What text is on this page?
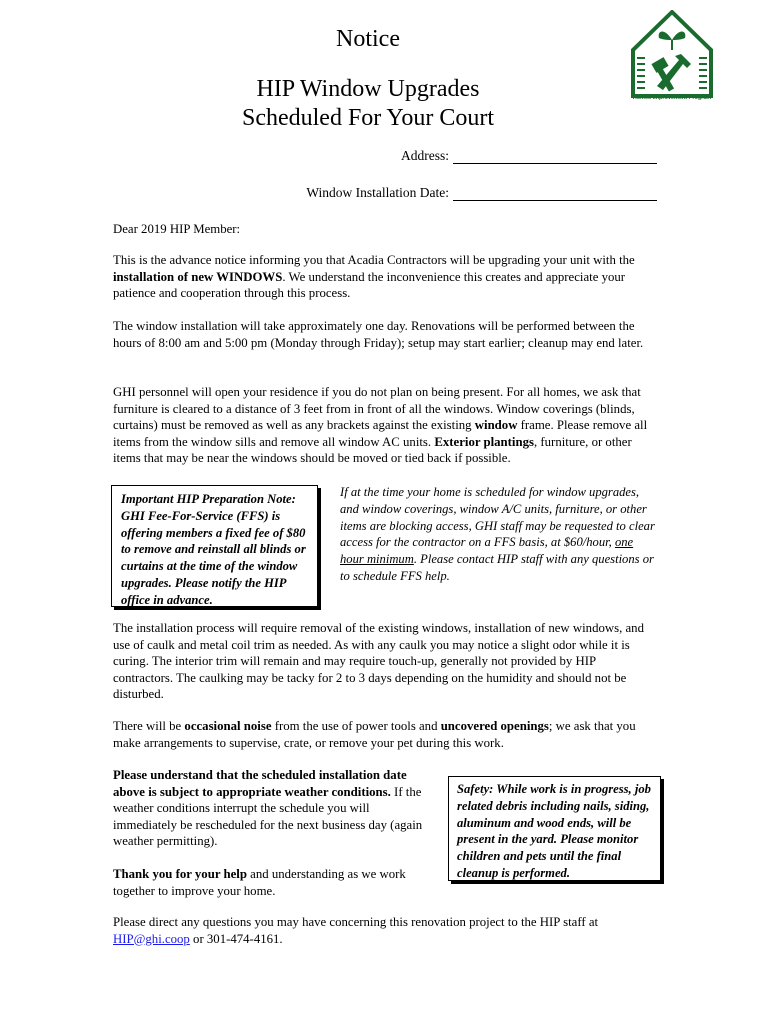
Notice
HIP Window Upgrades
Scheduled For Your Court
Homes Improvement Program
Address:
Window Installation Date:
Dear 2019 HIP Member:
This is the advance notice informing you that Acadia Contractors will be upgrading your unit with the installation of new WINDOWS. We understand the inconvenience this creates and appreciate your patience and cooperation through this process.
The window installation will take approximately one day. Renovations will be performed between the hours of 8:00 am and 5:00 pm (Monday through Friday); setup may start earlier; cleanup may end later.
GHI personnel will open your residence if you do not plan on being present. For all homes, we ask that furniture is cleared to a distance of 3 feet from in front of all the windows. Window coverings (blinds, curtains) must be removed as well as any brackets against the existing window frame. Please remove all items from the window sills and remove all window AC units. Exterior plantings, furniture, or other items that may be near the windows should be moved or tied back if possible.
Important HIP Preparation Note: GHI Fee-For-Service (FFS) is offering members a fixed fee of $80 to remove and reinstall all blinds or curtains at the time of the window upgrades. Please notify the HIP office in advance.
If at the time your home is scheduled for window upgrades, and window coverings, window A/C units, furniture, or other items are blocking access, GHI staff may be requested to clear access for the contractor on a FFS basis, at $60/hour, one hour minimum. Please contact HIP staff with any questions or to schedule FFS help.
The installation process will require removal of the existing windows, installation of new windows, and use of caulk and metal coil trim as needed. As with any caulk you may notice a slight odor while it is curing. The interior trim will remain and may require touch-up, generally not provided by HIP contractors. The caulking may be tacky for 2 to 3 days depending on the humidity and should not be disturbed.
There will be occasional noise from the use of power tools and uncovered openings; we ask that you make arrangements to supervise, crate, or remove your pet during this work.
Please understand that the scheduled installation date above is subject to appropriate weather conditions. If the weather conditions interrupt the schedule you will immediately be rescheduled for the next business day (again weather permitting).
Thank you for your help and understanding as we work together to improve your home.
Safety: While work is in progress, job related debris including nails, siding, aluminum and wood ends, will be present in the yard. Please monitor children and pets until the final cleanup is performed.
Please direct any questions you may have concerning this renovation project to the HIP staff at HIP@ghi.coop or 301-474-4161.
